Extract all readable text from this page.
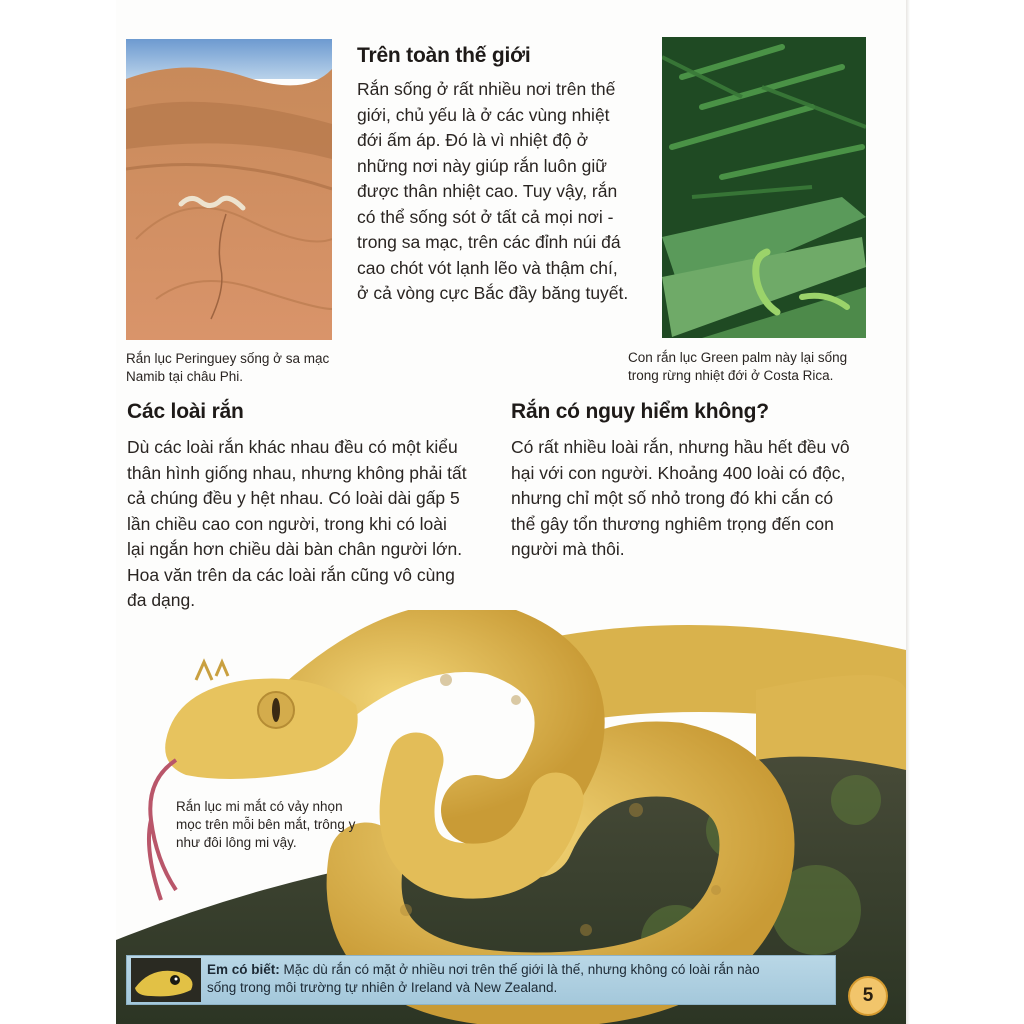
Trên toàn thế giới

Rắn sống ở rất nhiều nơi trên thế
giới, chủ yếu là ở các vùng nhiệt
đới ấm áp. Đó là vì nhiệt độ ở
những nơi này giúp rắn luôn giữ
được thân nhiệt cao. Tuy vậy, rắn
có thể sống sót ở tất cả mọi nơi -
trong sa mạc, trên các đỉnh núi đá
cao chót vót lạnh lẽo và thậm chí,
ở cả vòng cực Bắc đầy băng tuyết.

Rắn lục Peringuey sống ở sa mạc
Namib tại châu Phi.

Con rắn lục Green palm này lại sống
trong rừng nhiệt đới ở Costa Rica.

Các loài rắn

Dù các loài rắn khác nhau đều có một kiểu
thân hình giống nhau, nhưng không phải tất
cả chúng đều y hệt nhau. Có loài dài gấp 5
lần chiều cao con người, trong khi có loài
lại ngắn hơn chiều dài bàn chân người lớn.
Hoa văn trên da các loài rắn cũng vô cùng
đa dạng.

Rắn có nguy hiểm không?

Có rất nhiều loài rắn, nhưng hầu hết đều vô
hại với con người. Khoảng 400 loài có độc,
nhưng chỉ một số nhỏ trong đó khi cắn có
thể gây tổn thương nghiêm trọng đến con
người mà thôi.

Rắn lục mi mắt có vảy nhọn
mọc trên mỗi bên mắt, trông y
như đôi lông mi vậy.

Em có biết: Mặc dù rắn có mặt ở nhiều nơi trên thế giới là thế, nhưng không có loài rắn nào
sống trong môi trường tự nhiên ở Ireland và New Zealand.	5
